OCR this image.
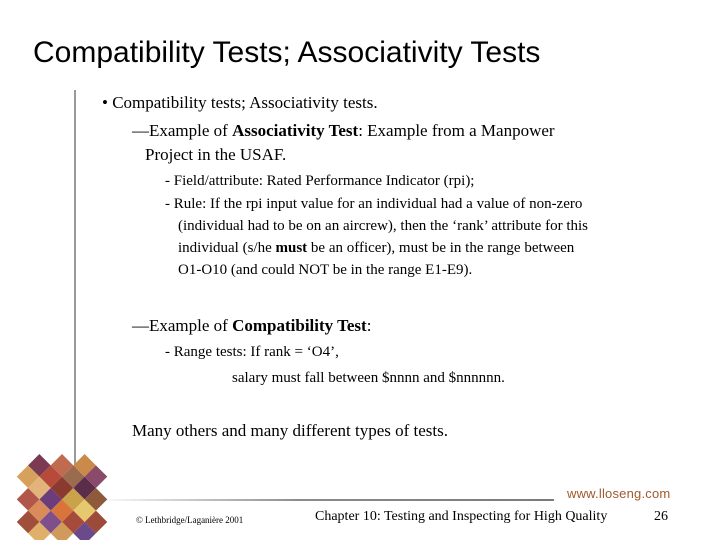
Compatibility Tests; Associativity Tests
• Compatibility tests; Associativity tests.
—Example of Associativity Test: Example from a Manpower
Project in the USAF.
- Field/attribute: Rated Performance Indicator (rpi);
- Rule: If the rpi input value for an individual had a value of non-zero
(individual had to be on an aircrew), then the ‘rank’ attribute for this
individual (s/he must be an officer), must be in the range between
O1-O10 (and could NOT be in the range E1-E9).
—Example of Compatibility Test:
- Range tests: If rank = ‘O4’,
salary must fall between $nnnn and $nnnnnn.
Many others and many different types of tests.
www.lloseng.com
© Lethbridge/Laganière 2001	Chapter 10: Testing and Inspecting for High Quality	26
